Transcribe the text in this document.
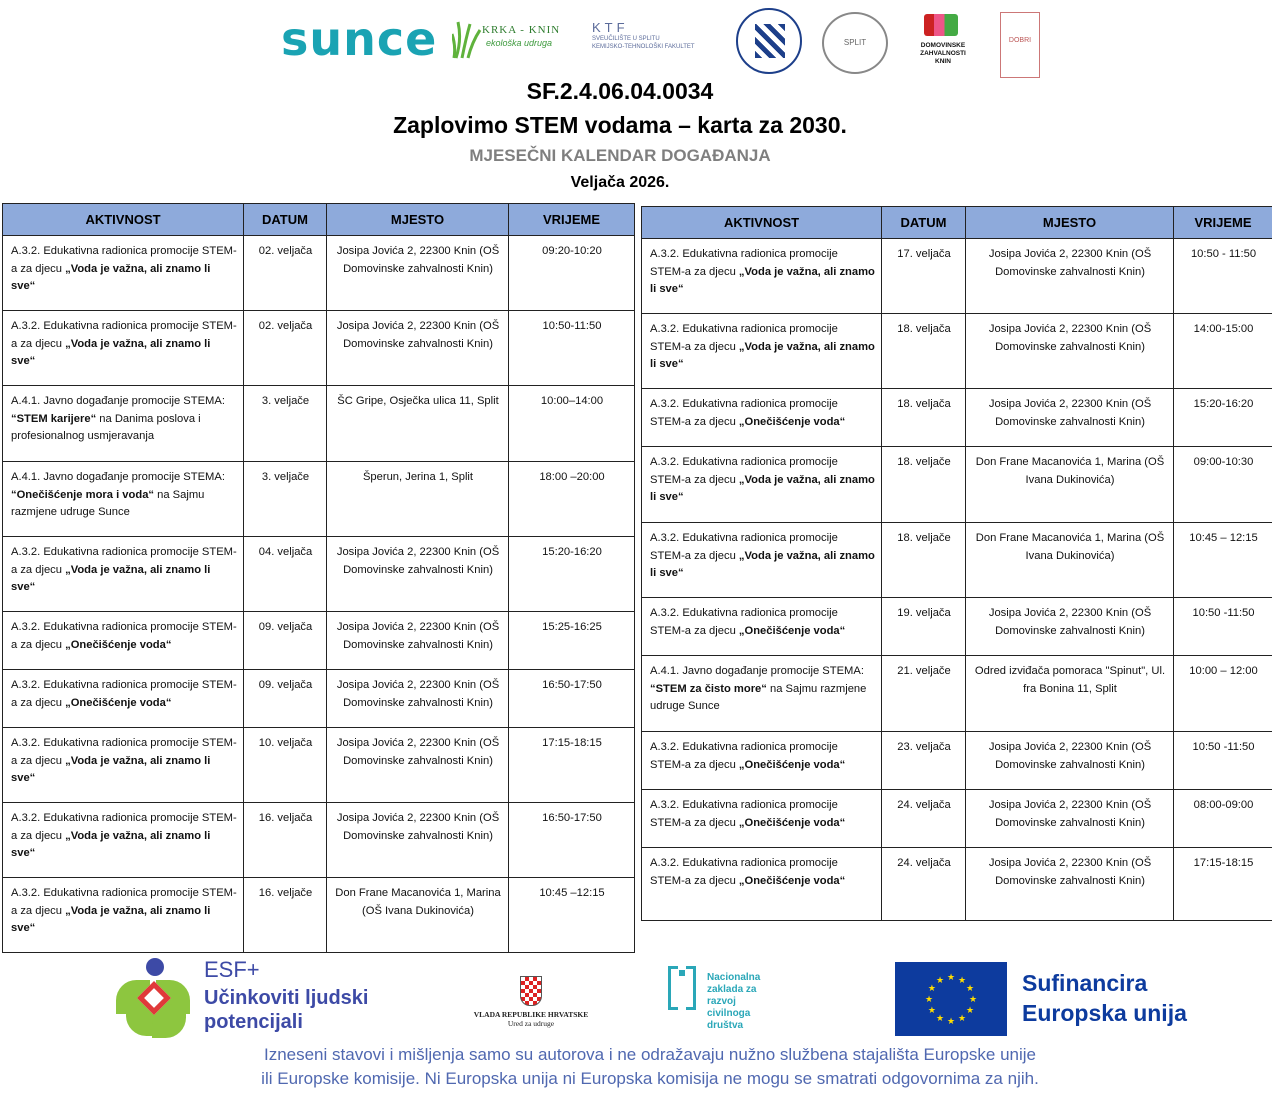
sunce	KRKA - KNIN
ekološka udruga
KTF
SVEUČILIŠTE U SPLITU
KEMIJSKO-TEHNOLOŠKI FAKULTET	SPLIT	DOMOVINSKE ZAHVALNOSTI KNIN
DOBRI
SF.2.4.06.04.0034
Zaplovimo STEM vodama – karta za 2030.
MJESEČNI KALENDAR DOGAĐANJA
Veljača 2026.
AKTIVNOST	DATUM	MJESTO	VRIJEME
A.3.2. Edukativna radionica promocije STEM-a za djecu „Voda je važna, ali znamo li sve“	02. veljača	Josipa Jovića 2, 22300 Knin (OŠ Domovinske zahvalnosti Knin)	09:20-10:20
A.3.2. Edukativna radionica promocije STEM-a za djecu „Voda je važna, ali znamo li sve“	02. veljača	Josipa Jovića 2, 22300 Knin (OŠ Domovinske zahvalnosti Knin)	10:50-11:50
A.4.1. Javno događanje promocije STEMA: “STEM karijere“ na Danima poslova i profesionalnog usmjeravanja	3. veljače	ŠC Gripe, Osječka ulica 11, Split	10:00–14:00
A.4.1. Javno događanje promocije STEMA: “Onečišćenje mora i voda“ na Sajmu razmjene udruge Sunce	3. veljače	Šperun, Jerina 1, Split	18:00 –20:00
A.3.2. Edukativna radionica promocije STEM-a za djecu „Voda je važna, ali znamo li sve“	04. veljača	Josipa Jovića 2, 22300 Knin (OŠ Domovinske zahvalnosti Knin)	15:20-16:20
A.3.2. Edukativna radionica promocije STEM-a za djecu „Onečišćenje voda“	09. veljača	Josipa Jovića 2, 22300 Knin (OŠ Domovinske zahvalnosti Knin)	15:25-16:25
A.3.2. Edukativna radionica promocije STEM-a za djecu „Onečišćenje voda“	09. veljača	Josipa Jovića 2, 22300 Knin (OŠ Domovinske zahvalnosti Knin)	16:50-17:50
A.3.2. Edukativna radionica promocije STEM-a za djecu „Voda je važna, ali znamo li sve“	10. veljača	Josipa Jovića 2, 22300 Knin (OŠ Domovinske zahvalnosti Knin)	17:15-18:15
A.3.2. Edukativna radionica promocije STEM-a za djecu „Voda je važna, ali znamo li sve“	16. veljača	Josipa Jovića 2, 22300 Knin (OŠ Domovinske zahvalnosti Knin)	16:50-17:50
A.3.2. Edukativna radionica promocije STEM-a za djecu „Voda je važna, ali znamo li sve“	16. veljače	Don Frane Macanovića 1, Marina (OŠ Ivana Dukinovića)	10:45 –12:15
AKTIVNOST	DATUM	MJESTO	VRIJEME
A.3.2. Edukativna radionica promocije STEM-a za djecu „Voda je važna, ali znamo li sve“	17. veljača	Josipa Jovića 2, 22300 Knin (OŠ Domovinske zahvalnosti Knin)	10:50 - 11:50
A.3.2. Edukativna radionica promocije STEM-a za djecu „Voda je važna, ali znamo li sve“	18. veljača	Josipa Jovića 2, 22300 Knin (OŠ Domovinske zahvalnosti Knin)	14:00-15:00
A.3.2. Edukativna radionica promocije STEM-a za djecu „Onečišćenje voda“	18. veljača	Josipa Jovića 2, 22300 Knin (OŠ Domovinske zahvalnosti Knin)	15:20-16:20
A.3.2. Edukativna radionica promocije STEM-a za djecu „Voda je važna, ali znamo li sve“	18. veljače	Don Frane Macanovića 1, Marina (OŠ Ivana Dukinovića)	09:00-10:30
A.3.2. Edukativna radionica promocije STEM-a za djecu „Voda je važna, ali znamo li sve“	18. veljače	Don Frane Macanovića 1, Marina (OŠ Ivana Dukinovića)	10:45 – 12:15
A.3.2. Edukativna radionica promocije STEM-a za djecu „Onečišćenje voda“	19. veljača	Josipa Jovića 2, 22300 Knin (OŠ Domovinske zahvalnosti Knin)	10:50 -11:50
A.4.1. Javno događanje promocije STEMA: “STEM za čisto more“ na Sajmu razmjene udruge Sunce	21. veljače	Odred izviđača pomoraca "Spinut", Ul. fra Bonina 11, Split	10:00 – 12:00
A.3.2. Edukativna radionica promocije STEM-a za djecu „Onečišćenje voda“	23. veljača	Josipa Jovića 2, 22300 Knin (OŠ Domovinske zahvalnosti Knin)	10:50 -11:50
A.3.2. Edukativna radionica promocije STEM-a za djecu „Onečišćenje voda“	24. veljača	Josipa Jovića 2, 22300 Knin (OŠ Domovinske zahvalnosti Knin)	08:00-09:00
A.3.2. Edukativna radionica promocije STEM-a za djecu „Onečišćenje voda“	24. veljača	Josipa Jovića 2, 22300 Knin (OŠ Domovinske zahvalnosti Knin)	17:15-18:15
ESF+
Učinkoviti ljudski
potencijali	VLADA REPUBLIKE HRVATSKE
Ured za udruge
Nacionalna zaklada za razvoj civilnoga društva
★
★
★
★
★
★
★
★
★ ★ ★
★ Sufinancira
Europska unija
Izneseni stavovi i mišljenja samo su autorova i ne odražavaju nužno službena stajališta Europske unije
ili Europske komisije. Ni Europska unija ni Europska komisija ne mogu se smatrati odgovornima za njih.
